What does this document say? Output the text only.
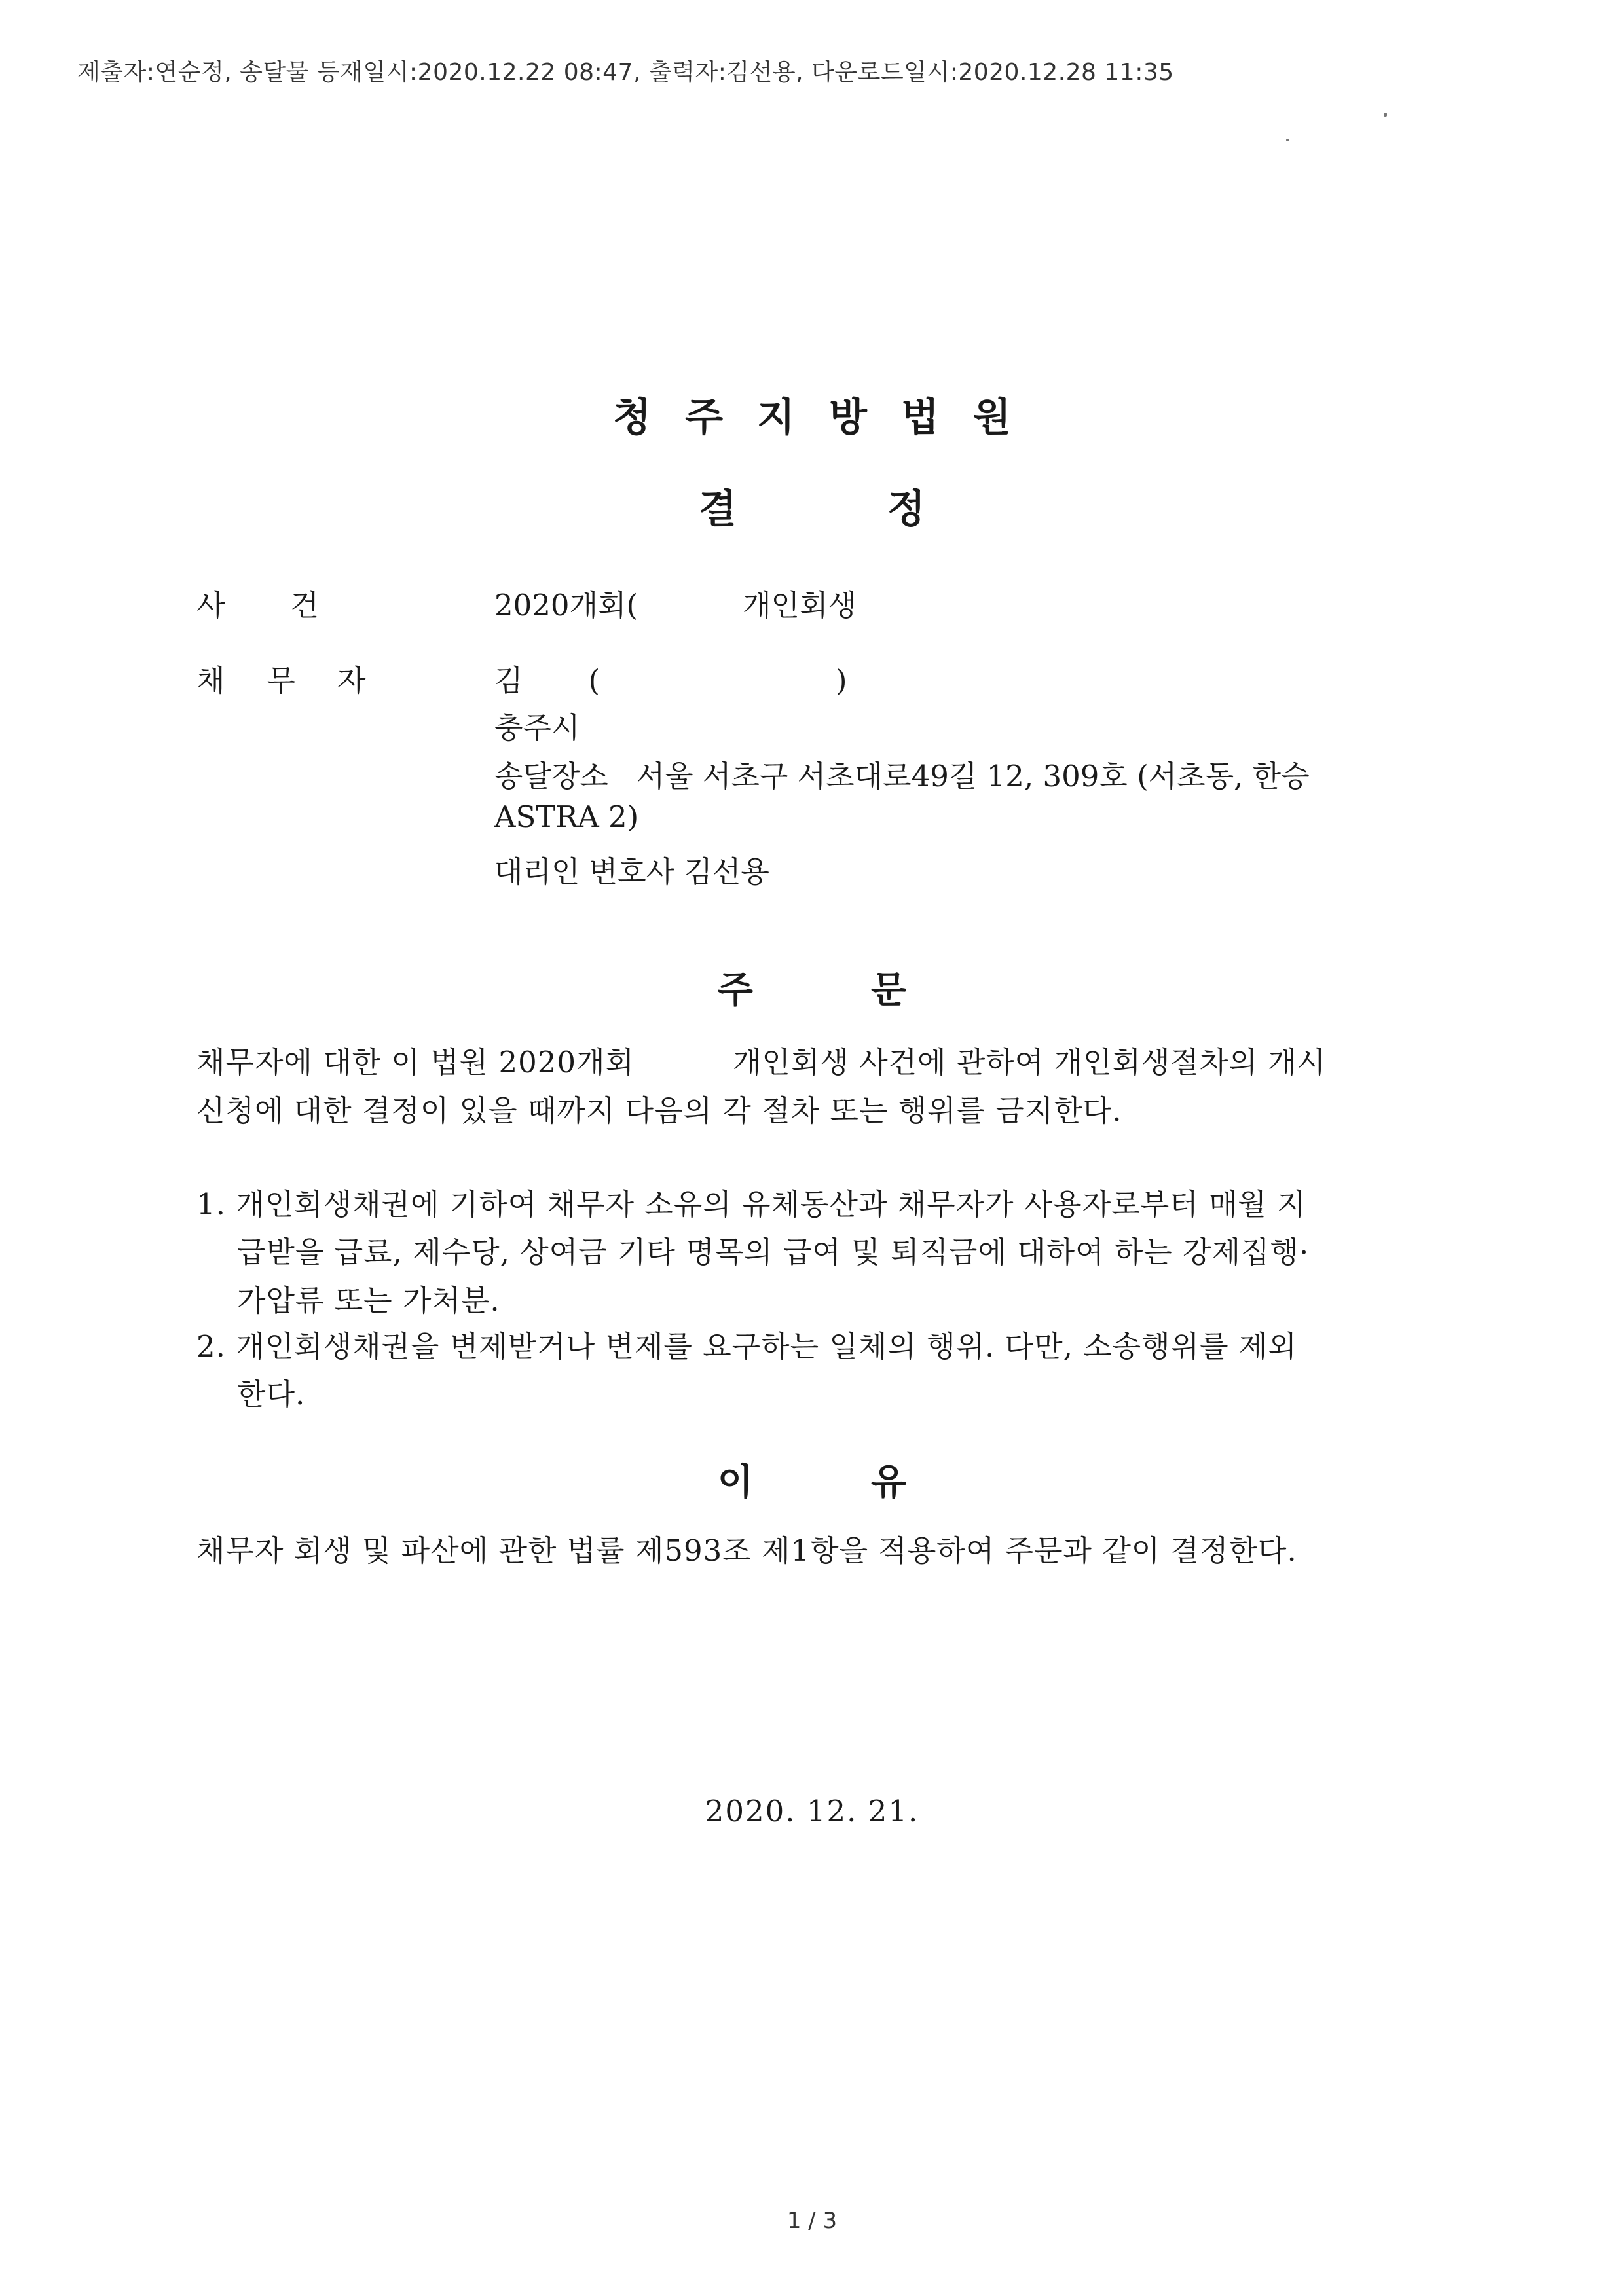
제출자:연순정, 송달물 등재일시:2020.12.22 08:47, 출력자:김선용, 다운로드일시:2020.12.28 11:35
청주지방법원
결정
사건	2020개회(	개인회생
채무자	김 (	)
충주시
송달장소   서울 서초구 서초대로49길 12, 309호 (서초동, 한승
ASTRA 2)
대리인 변호사 김선용
주문
채무자에 대한 이 법원 2020개회	개인회생 사건에 관하여 개인회생절차의 개시
신청에 대한 결정이 있을 때까지 다음의 각 절차 또는 행위를 금지한다.
1. 개인회생채권에 기하여 채무자 소유의 유체동산과 채무자가 사용자로부터 매월 지
급받을 급료, 제수당, 상여금 기타 명목의 급여 및 퇴직금에 대하여 하는 강제집행·
가압류 또는 가처분.
2. 개인회생채권을 변제받거나 변제를 요구하는 일체의 행위. 다만, 소송행위를 제외
한다.
이유
채무자 회생 및 파산에 관한 법률 제593조 제1항을 적용하여 주문과 같이 결정한다.
2020. 12. 21.
1 / 3
